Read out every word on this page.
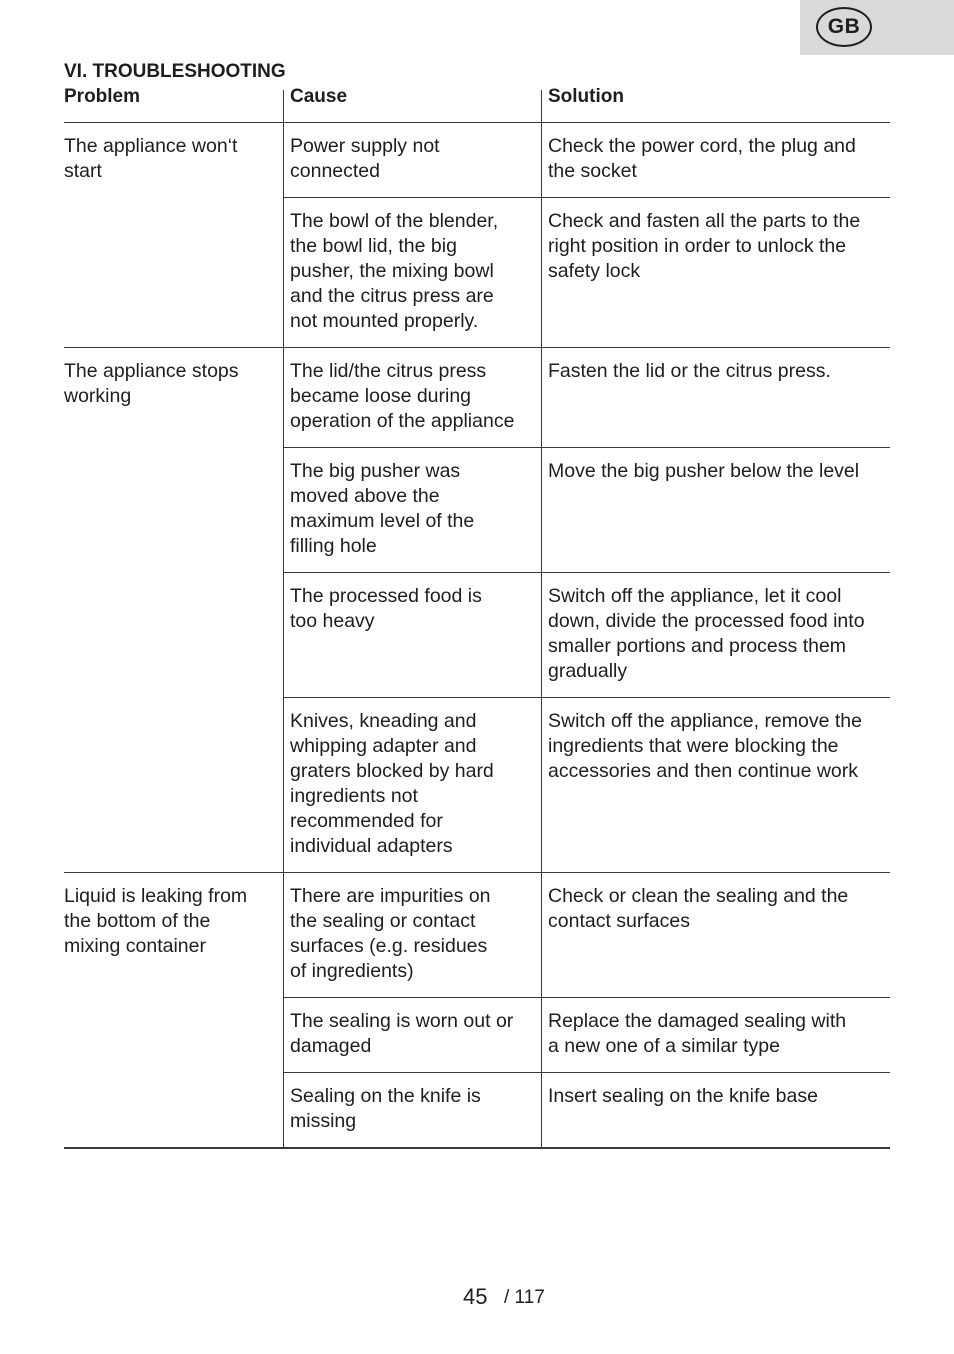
GB
VI. TROUBLESHOOTING
Problem	Cause	Solution
45 / 117
The appliance won‘t
start
Power supply not
connected
Check the power cord, the plug and
the socket
The bowl of the blender,
the bowl lid, the big
pusher, the mixing bowl
and the citrus press are
not mounted properly.
Check and fasten all the parts to the
right position in order to unlock the
safety lock
The appliance stops
working
The lid/the citrus press
became loose during
operation of the appliance
Fasten the lid or the citrus press.
The big pusher was
moved above the
maximum level of the
filling hole
Move the big pusher below the level
The processed food is
too heavy
Switch off the appliance, let it cool
down, divide the processed food into
smaller portions and process them
gradually
Knives, kneading and
whipping adapter and
graters blocked by hard
ingredients not
recommended for
individual adapters
Switch off the appliance, remove the
ingredients that were blocking the
accessories and then continue work
Liquid is leaking from
the bottom of the
mixing container
There are impurities on
the sealing or contact
surfaces (e.g. residues
of ingredients)
Check or clean the sealing and the
contact surfaces
The sealing is worn out or
damaged
Replace the damaged sealing with
a new one of a similar type
Sealing on the knife is
missing
Insert sealing on the knife base
